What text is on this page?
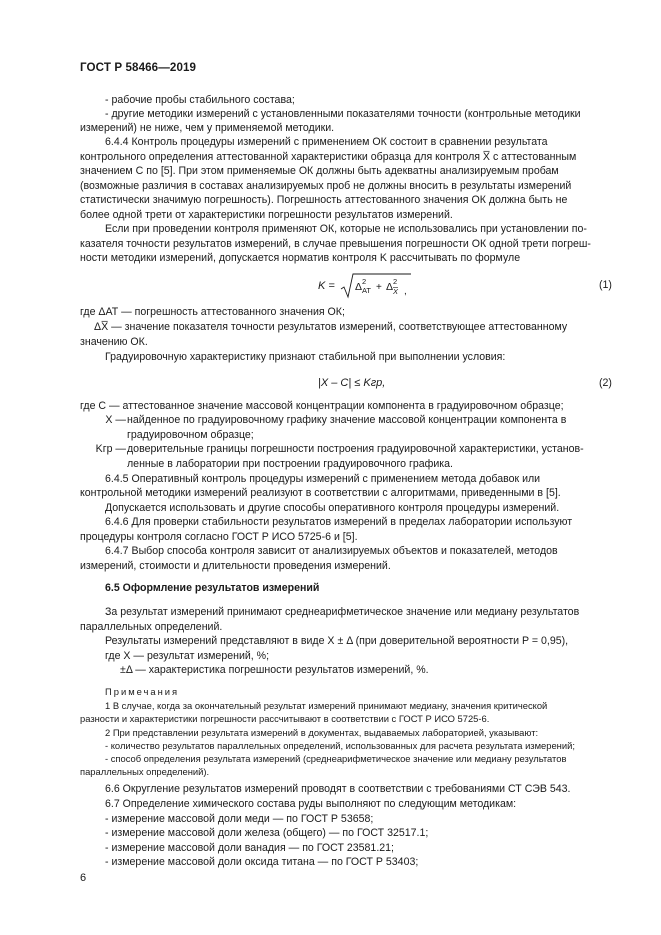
ГОСТ Р 58466—2019

- рабочие пробы стабильного состава;

- другие методики измерений с установленными показателями точности (контрольные методики

измерений) не ниже, чем у применяемой методики.

6.4.4 Контроль процедуры измерений с применением ОК состоит в сравнении результата

контрольного определения аттестованной характеристики образца для контроля X̅ с аттестованным

значением С по [5]. При этом применяемые ОК должны быть адекватны анализируемым пробам

(возможные различия в составах анализируемых проб не должны вносить в результаты измерений

статистически значимую погрешность). Погрешность аттестованного значения ОК должна быть не

более одной трети от характеристики погрешности результатов измерений.

Если при проведении контроля применяют ОК, которые не использовались при установлении по-

казателя точности результатов измерений, в случае превышения погрешности ОК одной трети погреш-

ности методики измерений, допускается норматив контроля K рассчитывать по формуле

K = Δ 2
АТ + Δ 2
X ,
(1)

где ΔАТ — погрешность аттестованного значения ОК;

ΔX̅ — значение показателя точности результатов измерений, соответствующее аттестованному

значению ОК.

Градуировочную характеристику признают стабильной при выполнении условия:

|X – C| ≤ Kгр,	(2)

где С — аттестованное значение массовой концентрации компонента в градуировочном образце;

X — найденное по градуировочному графику значение массовой концентрации компонента в

градуировочном образце;

Kгр — доверительные границы погрешности построения градуировочной характеристики, установ-

ленные в лаборатории при построении градуировочного графика.

6.4.5 Оперативный контроль процедуры измерений с применением метода добавок или

контрольной методики измерений реализуют в соответствии с алгоритмами, приведенными в [5].

Допускается использовать и другие способы оперативного контроля процедуры измерений.

6.4.6 Для проверки стабильности результатов измерений в пределах лаборатории используют

процедуры контроля согласно ГОСТ Р ИСО 5725-6 и [5].

6.4.7 Выбор способа контроля зависит от анализируемых объектов и показателей, методов

измерений, стоимости и длительности проведения измерений.

6.5 Оформление результатов измерений

За результат измерений принимают среднеарифметическое значение или медиану результатов

параллельных определений.

Результаты измерений представляют в виде X ± Δ (при доверительной вероятности P = 0,95),

где X — результат измерений, %;

±Δ — характеристика погрешности результатов измерений, %.

Примечания

1 В случае, когда за окончательный результат измерений принимают медиану, значения критической

разности и характеристики погрешности рассчитывают в соответствии с ГОСТ Р ИСО 5725-6.

2 При представлении результата измерений в документах, выдаваемых лабораторией, указывают:

- количество результатов параллельных определений, использованных для расчета результата измерений;

- способ определения результата измерений (среднеарифметическое значение или медиану результатов

параллельных определений).

6.6 Округление результатов измерений проводят в соответствии с требованиями СТ СЭВ 543.

6.7 Определение химического состава руды выполняют по следующим методикам:

- измерение массовой доли меди — по ГОСТ Р 53658;

- измерение массовой доли железа (общего) — по ГОСТ 32517.1;

- измерение массовой доли ванадия — по ГОСТ 23581.21;

- измерение массовой доли оксида титана — по ГОСТ Р 53403;

6
